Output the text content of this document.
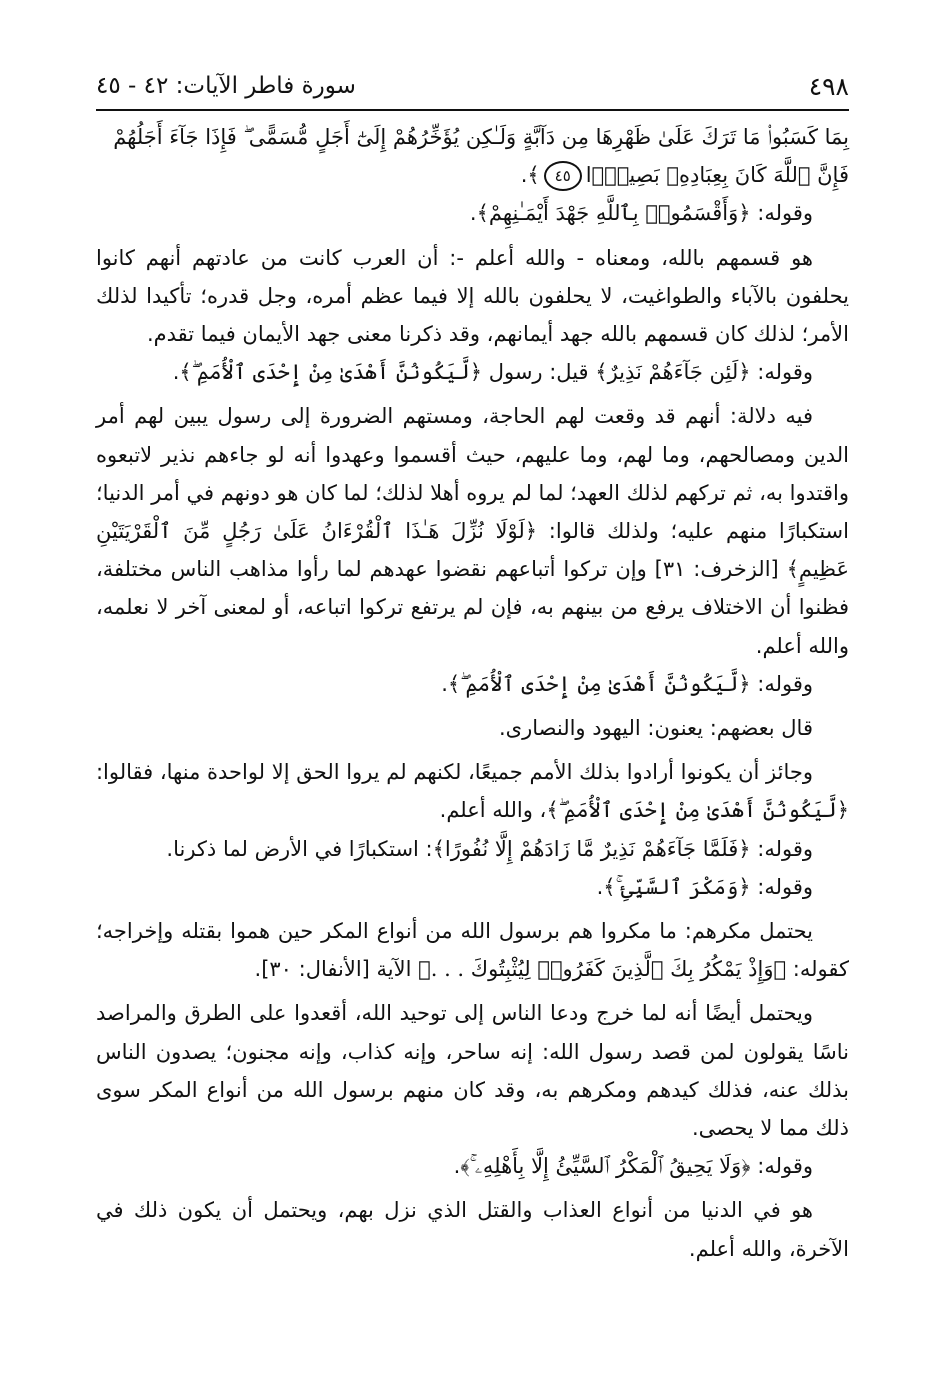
٤٩٨
سورة فاطر الآيات: ٤٢ - ٤٥

بِمَا كَسَبُوا۟ مَا تَرَكَ عَلَىٰ ظَهْرِهَا مِن دَآبَّةٍ وَلَـٰكِن يُؤَخِّرُهُمْ إِلَىٰٓ أَجَلٍ مُّسَمًّى ۖ فَإِذَا جَآءَ أَجَلُهُمْ

فَإِنَّ ٱللَّهَ كَانَ بِعِبَادِهِۦ بَصِيرًۢا٤٥﴾.

وقوله: ﴿وَأَقْسَمُوا۟ بِٱللَّهِ جَهْدَ أَيْمَـٰنِهِمْ﴾.

هو قسمهم بالله، ومعناه - والله أعلم -: أن العرب كانت من عادتهم أنهم كانوا يحلفون بالآباء والطواغيت، لا يحلفون بالله إلا فيما عظم أمره، وجل قدره؛ تأكيدا لذلك الأمر؛ لذلك كان قسمهم بالله جهد أيمانهم، وقد ذكرنا معنى جهد الأيمان فيما تقدم.

وقوله: ﴿لَئِن جَآءَهُمْ نَذِيرٌ﴾ قيل: رسول ﴿لَّيَكُونُنَّ أَهْدَىٰ مِنْ إِحْدَى ٱلْأُمَمِ ۖ﴾.

فيه دلالة: أنهم قد وقعت لهم الحاجة، ومستهم الضرورة إلى رسول يبين لهم أمر الدين ومصالحهم، وما لهم، وما عليهم، حيث أقسموا وعهدوا أنه لو جاءهم نذير لاتبعوه واقتدوا به، ثم تركهم لذلك العهد؛ لما لم يروه أهلا لذلك؛ لما كان هو دونهم في أمر الدنيا؛ استكبارًا منهم عليه؛ ولذلك قالوا: ﴿لَوْلَا نُزِّلَ هَـٰذَا ٱلْقُرْءَانُ عَلَىٰ رَجُلٍ مِّنَ ٱلْقَرْيَتَيْنِ عَظِيمٍ﴾ [الزخرف: ٣١] وإن تركوا أتباعهم نقضوا عهدهم لما رأوا مذاهب الناس مختلفة، فظنوا أن الاختلاف يرفع من بينهم به، فإن لم يرتفع تركوا اتباعه، أو لمعنى آخر لا نعلمه، والله أعلم.

وقوله: ﴿لَّيَكُونُنَّ أَهْدَىٰ مِنْ إِحْدَى ٱلْأُمَمِ ۖ﴾.

قال بعضهم: يعنون: اليهود والنصارى.

وجائز أن يكونوا أرادوا بذلك الأمم جميعًا، لكنهم لم يروا الحق إلا لواحدة منها، فقالوا: ﴿لَّيَكُونُنَّ أَهْدَىٰ مِنْ إِحْدَى ٱلْأُمَمِ ۖ﴾، والله أعلم.

وقوله: ﴿فَلَمَّا جَآءَهُمْ نَذِيرٌ مَّا زَادَهُمْ إِلَّا نُفُورًا﴾: استكبارًا في الأرض لما ذكرنا.

وقوله: ﴿وَمَكْرَ ٱلسَّيِّئِ ۚ﴾.

يحتمل مكرهم: ما مكروا هم برسول الله من أنواع المكر حين هموا بقتله وإخراجه؛ كقوله: ﴿وَإِذْ يَمْكُرُ بِكَ ٱلَّذِينَ كَفَرُوا۟ لِيُثْبِتُوكَ . . .﴾ الآية [الأنفال: ٣٠].

ويحتمل أيضًا أنه لما خرج ودعا الناس إلى توحيد الله، أقعدوا على الطرق والمراصد ناسًا يقولون لمن قصد رسول الله: إنه ساحر، وإنه كذاب، وإنه مجنون؛ يصدون الناس بذلك عنه، فذلك كيدهم ومكرهم به، وقد كان منهم برسول الله من أنواع المكر سوى ذلك مما لا يحصى.

وقوله: ﴿وَلَا يَحِيقُ ٱلْمَكْرُ ٱلسَّيِّئُ إِلَّا بِأَهْلِهِۦ ۚ﴾.

هو في الدنيا من أنواع العذاب والقتل الذي نزل بهم، ويحتمل أن يكون ذلك في الآخرة، والله أعلم.
